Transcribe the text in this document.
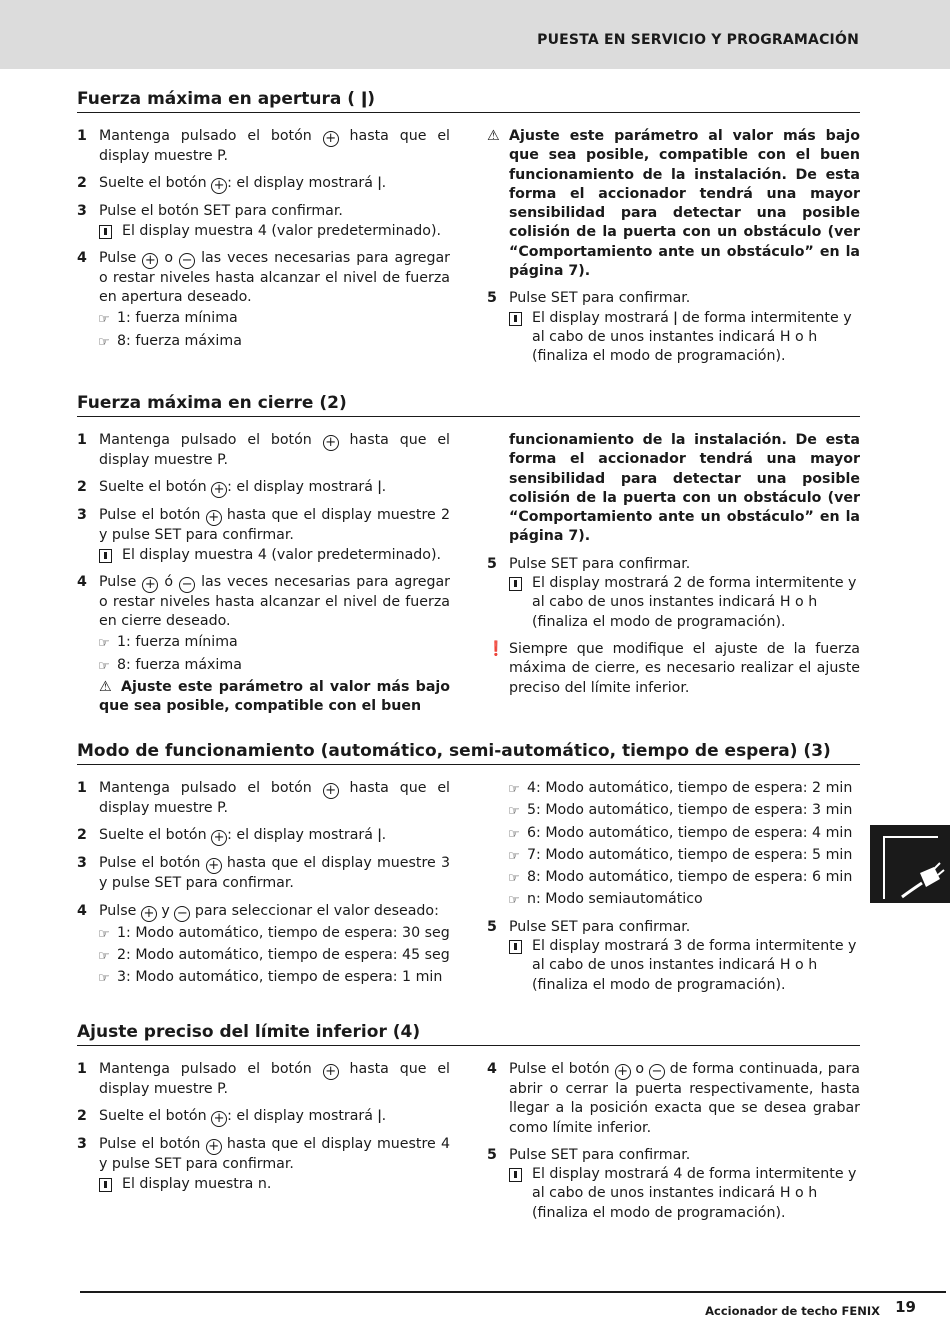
PUESTA EN SERVICIO Y PROGRAMACIÓN
Fuerza máxima en apertura ( ǀ)
1 Mantenga pulsado el botón + hasta que el display muestre P.
2 Suelte el botón + : el display mostrará ǀ.
3 Pulse el botón SET para confirmar.
El display muestra 4 (valor predeterminado).
4 Pulse + o − las veces necesarias para agregar o restar niveles hasta alcanzar el nivel de fuerza en apertura deseado.
☞ 1: fuerza mínima
☞ 8: fuerza máxima
⚠ Ajuste este parámetro al valor más bajo que sea posible, compatible con el buen funcionamiento de la instalación. De esta forma el accionador tendrá una mayor sensibilidad para detectar una posible colisión de la puerta con un obstáculo (ver “Comportamiento ante un obstáculo” en la página 7).
5 Pulse SET para confirmar.
El display mostrará ǀ de forma intermitente y al cabo de unos instantes indicará H o h (finaliza el modo de programación).
Fuerza máxima en cierre (2)
1 Mantenga pulsado el botón + hasta que el display muestre P.
2 Suelte el botón + : el display mostrará ǀ.
3 Pulse el botón + hasta que el display muestre 2 y pulse SET para confirmar.
El display muestra 4 (valor predeterminado).
4 Pulse + ó − las veces necesarias para agregar o restar niveles hasta alcanzar el nivel de fuerza en cierre deseado.
☞ 1: fuerza mínima
☞ 8: fuerza máxima
⚠ Ajuste este parámetro al valor más bajo que sea posible, compatible con el buen
funcionamiento de la instalación. De esta forma el accionador tendrá una mayor sensibilidad para detectar una posible colisión de la puerta con un obstáculo (ver “Comportamiento ante un obstáculo” en la página 7).
5 Pulse SET para confirmar.
El display mostrará 2 de forma intermitente y al cabo de unos instantes indicará H o h (finaliza el modo de programación).
❗ Siempre que modifique el ajuste de la fuerza máxima de cierre, es necesario realizar el ajuste preciso del límite inferior.
Modo de funcionamiento (automático, semi-automático, tiempo de espera) (3)
1 Mantenga pulsado el botón + hasta que el display muestre P.
2 Suelte el botón + : el display mostrará ǀ.
3 Pulse el botón + hasta que el display muestre 3 y pulse SET para confirmar.
4 Pulse + y − para seleccionar el valor deseado:
☞ 1: Modo automático, tiempo de espera: 30 seg
☞ 2: Modo automático, tiempo de espera: 45 seg
☞ 3: Modo automático, tiempo de espera: 1 min
☞ 4: Modo automático, tiempo de espera: 2 min
☞ 5: Modo automático, tiempo de espera: 3 min
☞ 6: Modo automático, tiempo de espera: 4 min
☞ 7: Modo automático, tiempo de espera: 5 min
☞ 8: Modo automático, tiempo de espera: 6 min
☞ n: Modo semiautomático
5 Pulse SET para confirmar.
El display mostrará 3 de forma intermitente y al cabo de unos instantes indicará H o h (finaliza el modo de programación).
Ajuste preciso del límite inferior (4)
1 Mantenga pulsado el botón + hasta que el display muestre P.
2 Suelte el botón + : el display mostrará ǀ.
3 Pulse el botón + hasta que el display muestre 4 y pulse SET para confirmar.
El display muestra n.
4 Pulse el botón + o − de forma continuada, para abrir o cerrar la puerta respectivamente, hasta llegar a la posición exacta que se desea grabar como límite inferior.
5 Pulse SET para confirmar.
El display mostrará 4 de forma intermitente y al cabo de unos instantes indicará H o h (finaliza el modo de programación).
Accionador de techo FENIX 19
